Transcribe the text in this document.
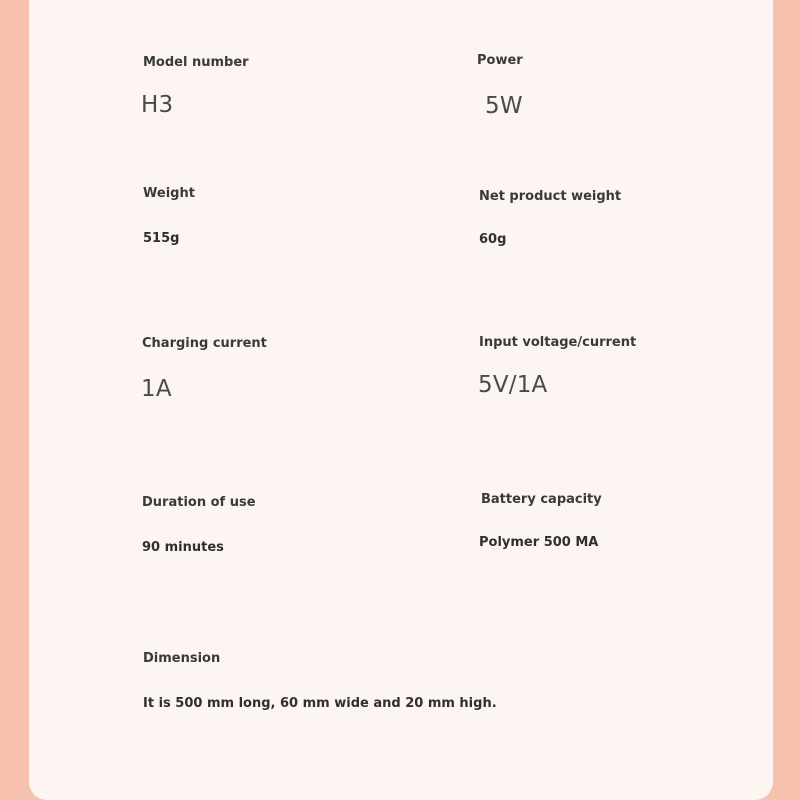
Model number
H3
Power
5W
Weight
515g
Net product weight
60g
Charging current
1A
Input voltage/current
5V/1A
Duration of use
90 minutes
Battery capacity
Polymer 500 MA
Dimension
It is 500 mm long, 60 mm wide and 20 mm high.
